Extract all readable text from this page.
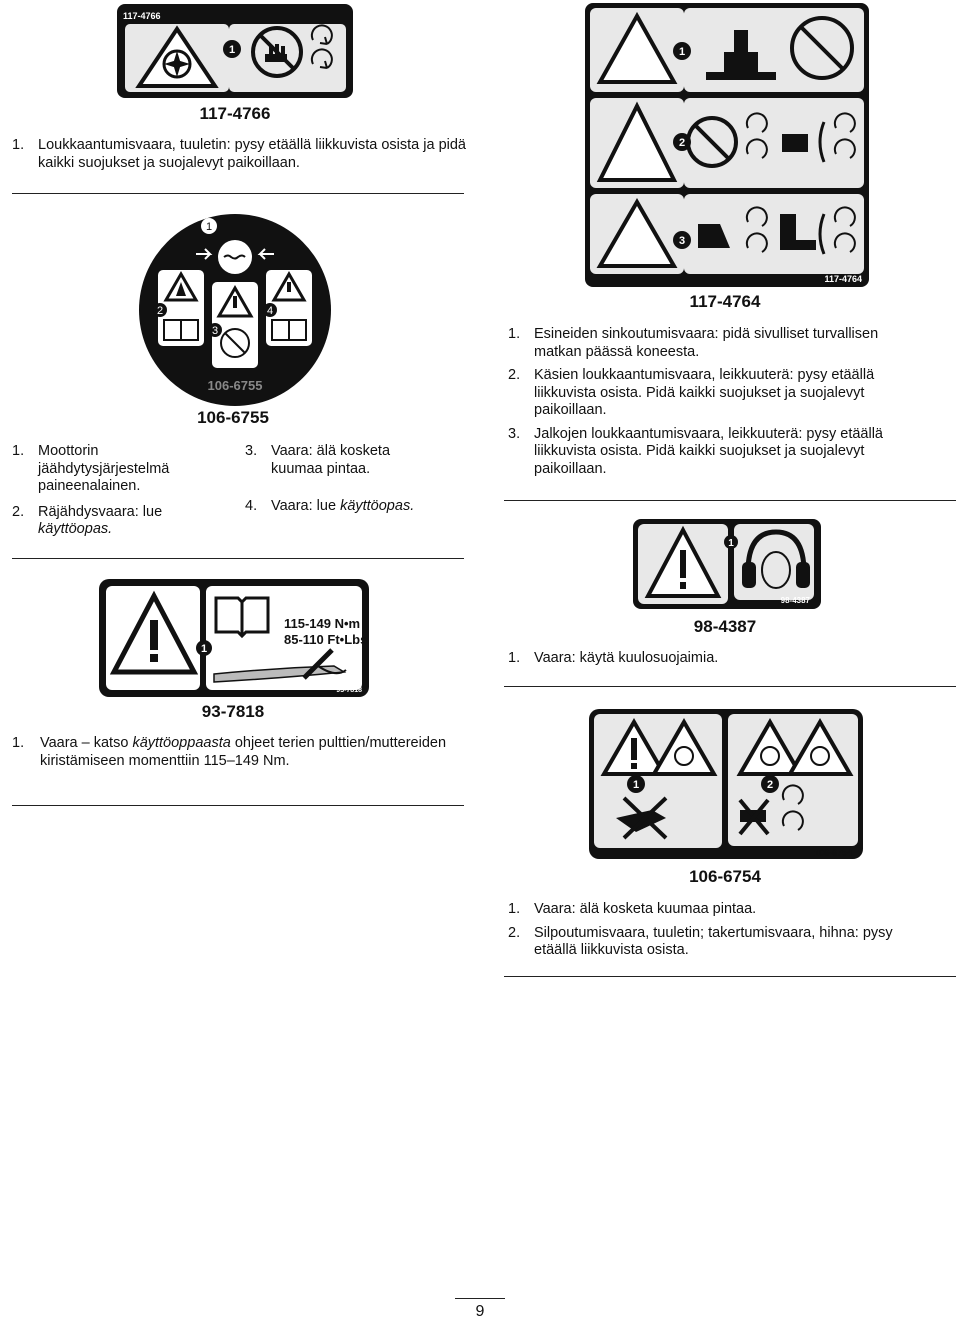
117-4766
1
117-4766
1. Loukkaantumisvaara, tuuletin: pysy etäällä liikkuvista osista ja pidä kaikki suojukset ja suojalevyt paikoillaan.
1
2
3
4
106-6755
106-6755
1. Moottorin jäähdytysjärjestelmä paineenalainen.
2. Räjähdysvaara: lue käyttöopas.
3. Vaara: älä kosketa kuumaa pintaa.
4. Vaara: lue käyttöopas.
1
2
3
117-4764
117-4764
1. Esineiden sinkoutumisvaara: pidä sivulliset turvallisen matkan päässä koneesta.
2. Käsien loukkaantumisvaara, leikkuuterä: pysy etäällä liikkuvista osista. Pidä kaikki suojukset ja suojalevyt paikoillaan.
3. Jalkojen loukkaantumisvaara, leikkuuterä: pysy etäällä liikkuvista osista. Pidä kaikki suojukset ja suojalevyt paikoillaan.
1
98-4387
98-4387
1. Vaara: käytä kuulosuojaimia.
1
115-149 N•m
85-110 Ft•Lbs
93-7818
93-7818
1. Vaara – katso käyttöoppaasta ohjeet terien pulttien/muttereiden kiristämiseen momenttiin 115–149 Nm.
1	2
106-6754
106-6754
1. Vaara: älä kosketa kuumaa pintaa.
2. Silpoutumisvaara, tuuletin; takertumisvaara, hihna: pysy etäällä liikkuvista osista.
9
